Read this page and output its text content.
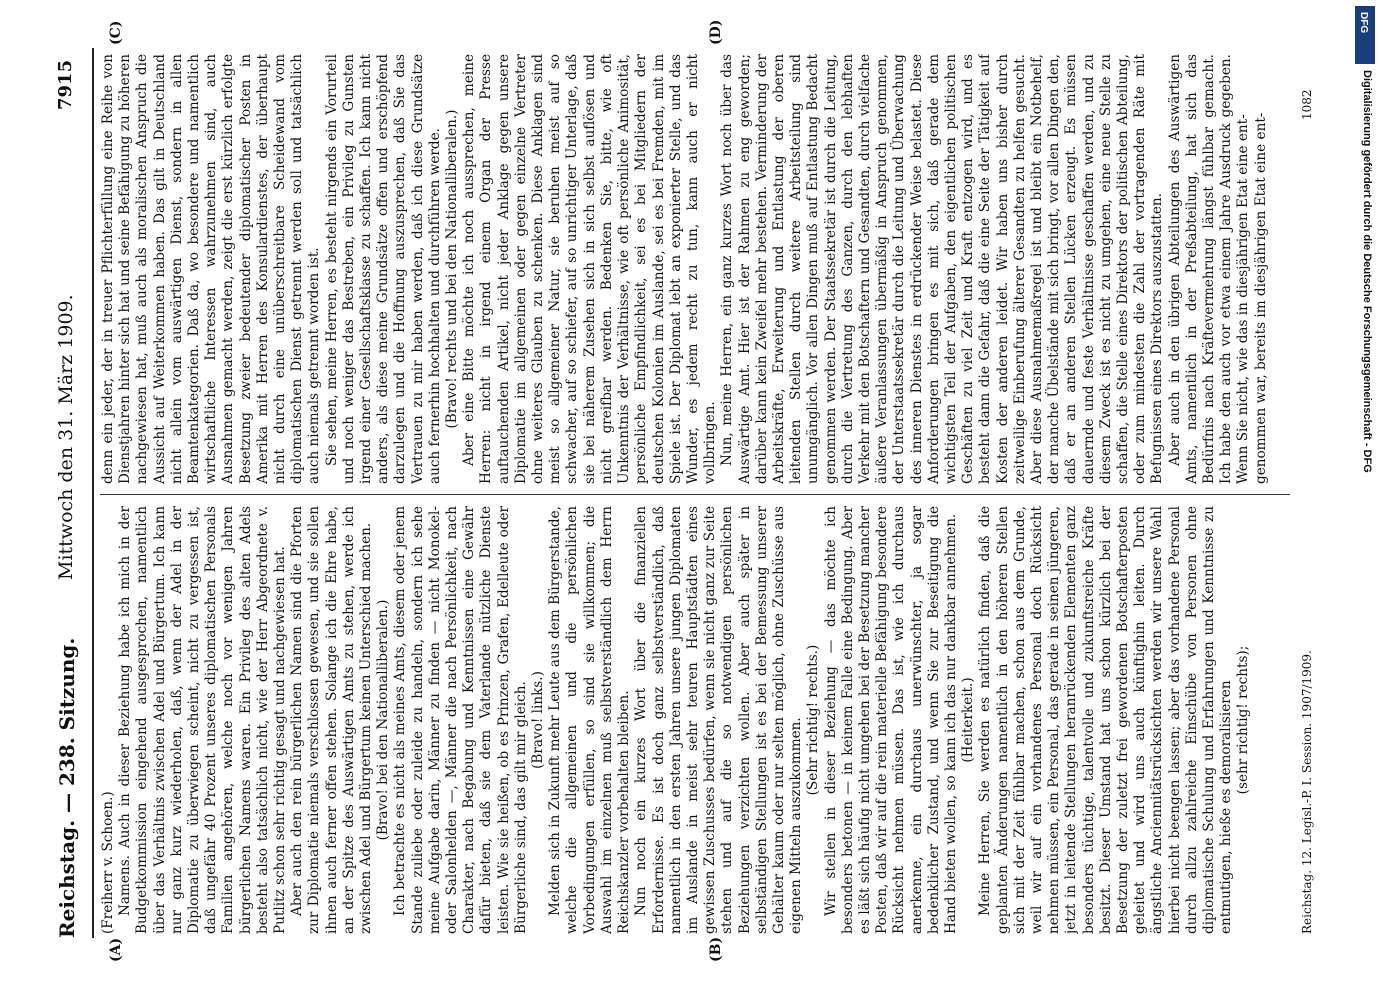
Reichstag. — 238. Sitzung.
Mittwoch den 31. März 1909.
7915
(A)	(B)
(C)	(D)

(Freiherr v. Schoen.) Namens. Auch in dieser Beziehung habe ich mich in der Budgetkommission eingehend ausgesprochen, namentlich über das Verhältnis zwischen Adel und Bürgertum. Ich kann nur ganz kurz wiederholen, daß, wenn der Adel in der Diplomatie zu überwiegen scheint, nicht zu vergessen ist, daß ungefähr 40 Prozent unseres diplomatischen Personals Familien angehören, welche noch vor wenigen Jahren bürgerlichen Namens waren. Ein Privileg des alten Adels besteht also tatsächlich nicht, wie der Herr Abgeordnete v. Putlitz schon sehr richtig gesagt und nachgewiesen hat. Aber auch den rein bürgerlichen Namen sind die Pforten zur Diplomatie niemals verschlossen gewesen, und sie sollen ihnen auch ferner offen stehen. Solange ich die Ehre habe, an der Spitze des Auswärtigen Amts zu stehen, werde ich zwischen Adel und Bürgertum keinen Unterschied machen. (Bravo! bei den Nationalliberalen.) Ich betrachte es nicht als meines Amts, diesem oder jenem Stande zuliebe oder zuleide zu handeln, sondern ich sehe meine Aufgabe darin, Männer zu finden — nicht Monokel- oder Salonhelden —, Männer die nach Persönlichkeit, nach Charakter, nach Begabung und Kenntnissen eine Gewähr dafür bieten, daß sie dem Vaterlande nützliche Dienste leisten. Wie sie heißen, ob es Prinzen, Grafen, Edelleute oder Bürgerliche sind, das gilt mir gleich. (Bravo! links.) Melden sich in Zukunft mehr Leute aus dem Bürgerstande, welche die allgemeinen und die persönlichen Vorbedingungen erfüllen, so sind sie willkommen; die Auswahl im einzelnen muß selbstverständlich dem Herrn Reichskanzler vorbehalten bleiben. Nun noch ein kurzes Wort über die finanziellen Erfordernisse. Es ist doch ganz selbstverständlich, daß namentlich in den ersten Jahren unsere jungen Diplomaten im Auslande in meist sehr teuren Hauptstädten eines gewissen Zuschusses bedürfen, wenn sie nicht ganz zur Seite stehen und auf die so notwendigen persönlichen Beziehungen verzichten wollen. Aber auch später in selbständigen Stellungen ist es bei der Bemessung unserer Gehälter kaum oder nur selten möglich, ohne Zuschüsse aus eigenen Mitteln auszukommen. (Sehr richtig! rechts.) Wir stellen in dieser Beziehung — das möchte ich besonders betonen — in keinem Falle eine Bedingung. Aber es läßt sich häufig nicht umgehen bei der Besetzung mancher Posten, daß wir auf die rein materielle Befähigung besondere Rücksicht nehmen müssen. Das ist, wie ich durchaus anerkenne, ein durchaus unerwünschter, ja sogar bedenklicher Zustand, und wenn Sie zur Beseitigung die Hand bieten wollen, so kann ich das nur dankbar annehmen. (Heiterkeit.) Meine Herren, Sie werden es natürlich finden, daß die geplanten Änderungen namentlich in den höheren Stellen sich mit der Zeit fühlbar machen, schon aus dem Grunde, weil wir auf ein vorhandenes Personal doch Rücksicht nehmen müssen, ein Personal, das gerade in seinen jüngeren, jetzt in leitende Stellungen heranrückenden Elementen ganz besonders tüchtige, talentvolle und zukunftsreiche Kräfte besitzt. Dieser Umstand hat uns schon kürzlich bei der Besetzung der zuletzt frei gewordenen Botschafterposten geleitet und wird uns auch künftighin leiten. Durch ängstliche Anciennitätsrücksichten werden wir unsere Wahl hierbei nicht beengen lassen; aber das vorhandene Personal durch allzu zahlreiche Einschübe von Personen ohne diplomatische Schulung und Erfahrungen und Kenntnisse zu entmutigen, hieße es demoralisieren (sehr richtig! rechts);

denn ein jeder, der in treuer Pflichterfüllung eine Reihe von Dienstjahren hinter sich hat und seine Befähigung zu höheren nachgewiesen hat, muß auch als moralischen Anspruch die Aussicht auf Weiterkommen haben. Das gilt in Deutschland nicht allein vom auswärtigen Dienst, sondern in allen Beamtenkategorien. Daß da, wo besondere und namentlich wirtschaftliche Interessen wahrzunehmen sind, auch Ausnahmen gemacht werden, zeigt die erst kürzlich erfolgte Besetzung zweier bedeutender diplomatischer Posten in Amerika mit Herren des Konsulardienstes, der überhaupt nicht durch eine unüberschreitbare Scheidewand vom diplomatischen Dienst getrennt werden soll und tatsächlich auch niemals getrennt worden ist. Sie sehen, meine Herren, es besteht nirgends ein Vorurteil und noch weniger das Bestreben, ein Privileg zu Gunsten irgend einer Gesellschaftsklasse zu schaffen. Ich kann nicht anders, als diese meine Grundsätze offen und erschöpfend darzulegen und die Hoffnung auszusprechen, daß Sie das Vertrauen zu mir haben werden, daß ich diese Grundsätze auch fernerhin hochhalten und durchführen werde. (Bravo! rechts und bei den Nationalliberalen.) Aber eine Bitte möchte ich noch aussprechen, meine Herren: nicht in irgend einem Organ der Presse auftauchenden Artikel, nicht jeder Anklage gegen unsere Diplomatie im allgemeinen oder gegen einzelne Vertreter ohne weiteres Glauben zu schenken. Diese Anklagen sind meist so allgemeiner Natur, sie beruhen meist auf so schwacher, auf so schiefer, auf so unrichtiger Unterlage, daß sie bei näherem Zusehen sich in sich selbst auflösen und nicht greifbar werden. Bedenken Sie, bitte, wie oft Unkenntnis der Verhältnisse, wie oft persönliche Animosität, persönliche Empfindlichkeit, sei es bei Mitgliedern der deutschen Kolonien im Auslande, sei es bei Fremden, mit im Spiele ist. Der Diplomat lebt an exponierter Stelle, und das Wunder, es jedem recht zu tun, kann auch er nicht vollbringen. Nun, meine Herren, ein ganz kurzes Wort noch über das Auswärtige Amt. Hier ist der Rahmen zu eng geworden; darüber kann kein Zweifel mehr bestehen. Verminderung der Arbeitskräfte, Erweiterung und Entlastung der oberen leitenden Stellen durch weitere Arbeitsteilung sind unumgänglich. Vor allen Dingen muß auf Entlastung Bedacht genommen werden. Der Staatssekretär ist durch die Leitung, durch die Vertretung des Ganzen, durch den lebhaften Verkehr mit den Botschaftern und Gesandten, durch vielfache äußere Veranlassungen übermäßig in Anspruch genommen, der Unterstaatssekretär durch die Leitung und Überwachung des inneren Dienstes in erdrückender Weise belastet. Diese Anforderungen bringen es mit sich, daß gerade dem wichtigsten Teil der Aufgaben, den eigentlichen politischen Geschäften zu viel Zeit und Kraft entzogen wird, und es besteht dann die Gefahr, daß die eine Seite der Tätigkeit auf Kosten der anderen leidet. Wir haben uns bisher durch zeitweilige Einberufung älterer Gesandten zu helfen gesucht. Aber diese Ausnahmemaßregel ist und bleibt ein Notbehelf, der manche Übelstände mit sich bringt, vor allen Dingen den, daß er an anderen Stellen Lücken erzeugt. Es müssen dauernde und feste Verhältnisse geschaffen werden, und zu diesem Zweck ist es nicht zu umgehen, eine neue Stelle zu schaffen, die Stelle eines Direktors der politischen Abteilung, oder zum mindesten die Zahl der vortragenden Räte mit Befugnissen eines Direktors auszustatten. Aber auch in den übrigen Abteilungen des Auswärtigen Amts, namentlich in der Preßabteilung, hat sich das Bedürfnis nach Kräftevermehrung längst fühlbar gemacht. Ich habe den auch vor etwa einem Jahre Ausdruck gegeben. Wenn Sie nicht, wie das in diesjährigen Etat eine ent- genommen war, bereits im diesjährigen Etat eine ent-

Reichstag. 12. Legisl.-P. I. Session. 1907/1909.
1082
DFG
Digitalisierung gefördert durch die Deutsche Forschungsgemeinschaft - DFG
